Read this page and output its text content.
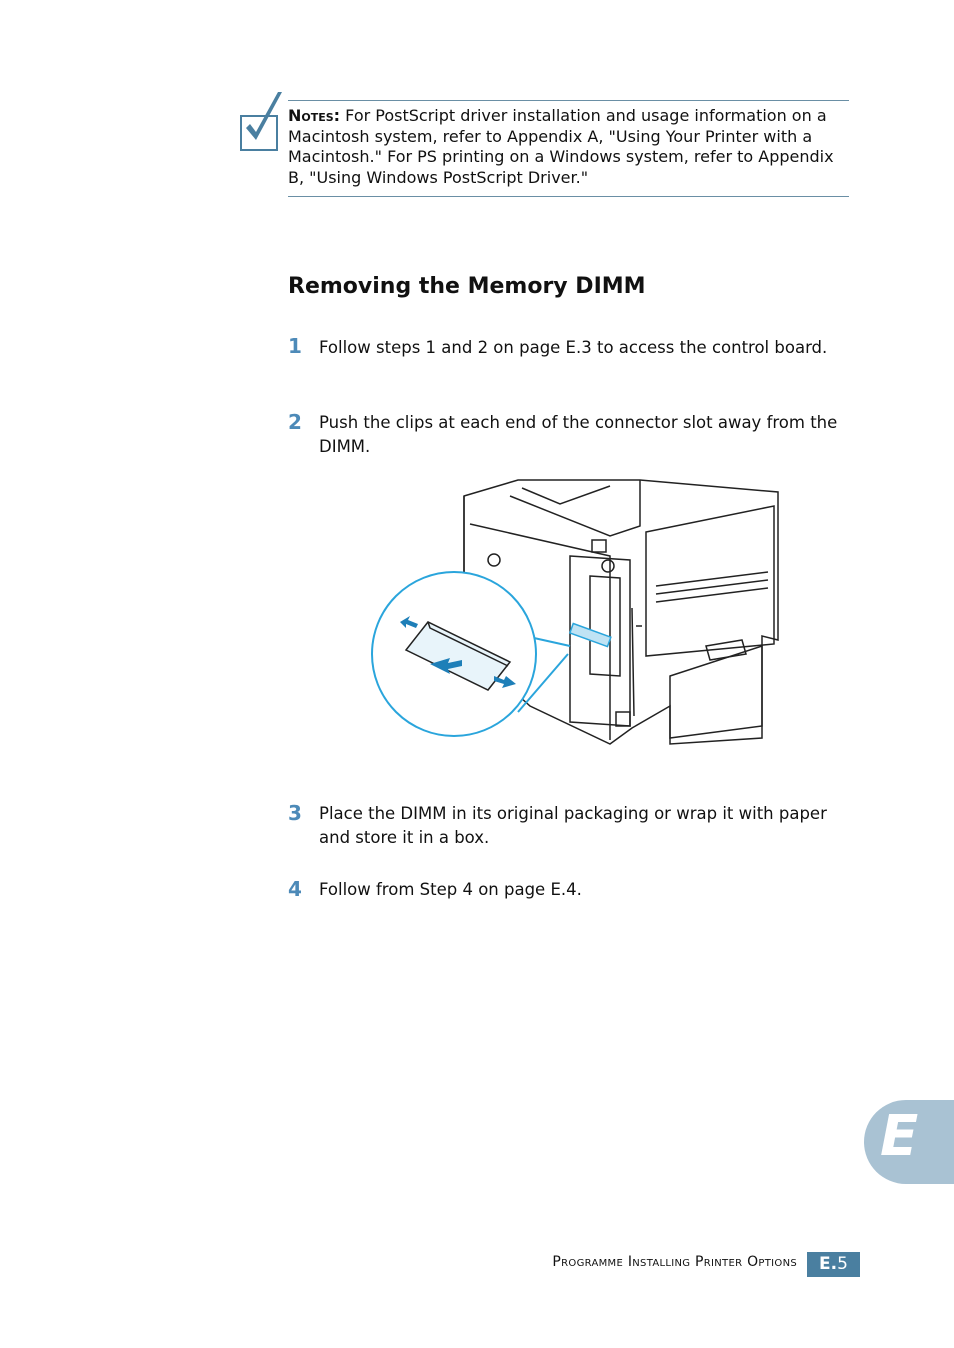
Notes: For PostScript driver installation and usage information on a Macintosh system, refer to Appendix A, "Using Your Printer with a Macintosh." For PS printing on a Windows system, refer to Appendix B, "Using Windows PostScript Driver."
Removing the Memory DIMM
1 Follow steps 1 and 2 on page E.3 to access the control board.
2 Push the clips at each end of the connector slot away from the DIMM.
3 Place the DIMM in its original packaging or wrap it with paper and store it in a box.
4 Follow from Step 4 on page E.4.
E
Programme Installing Printer Options	E.5
